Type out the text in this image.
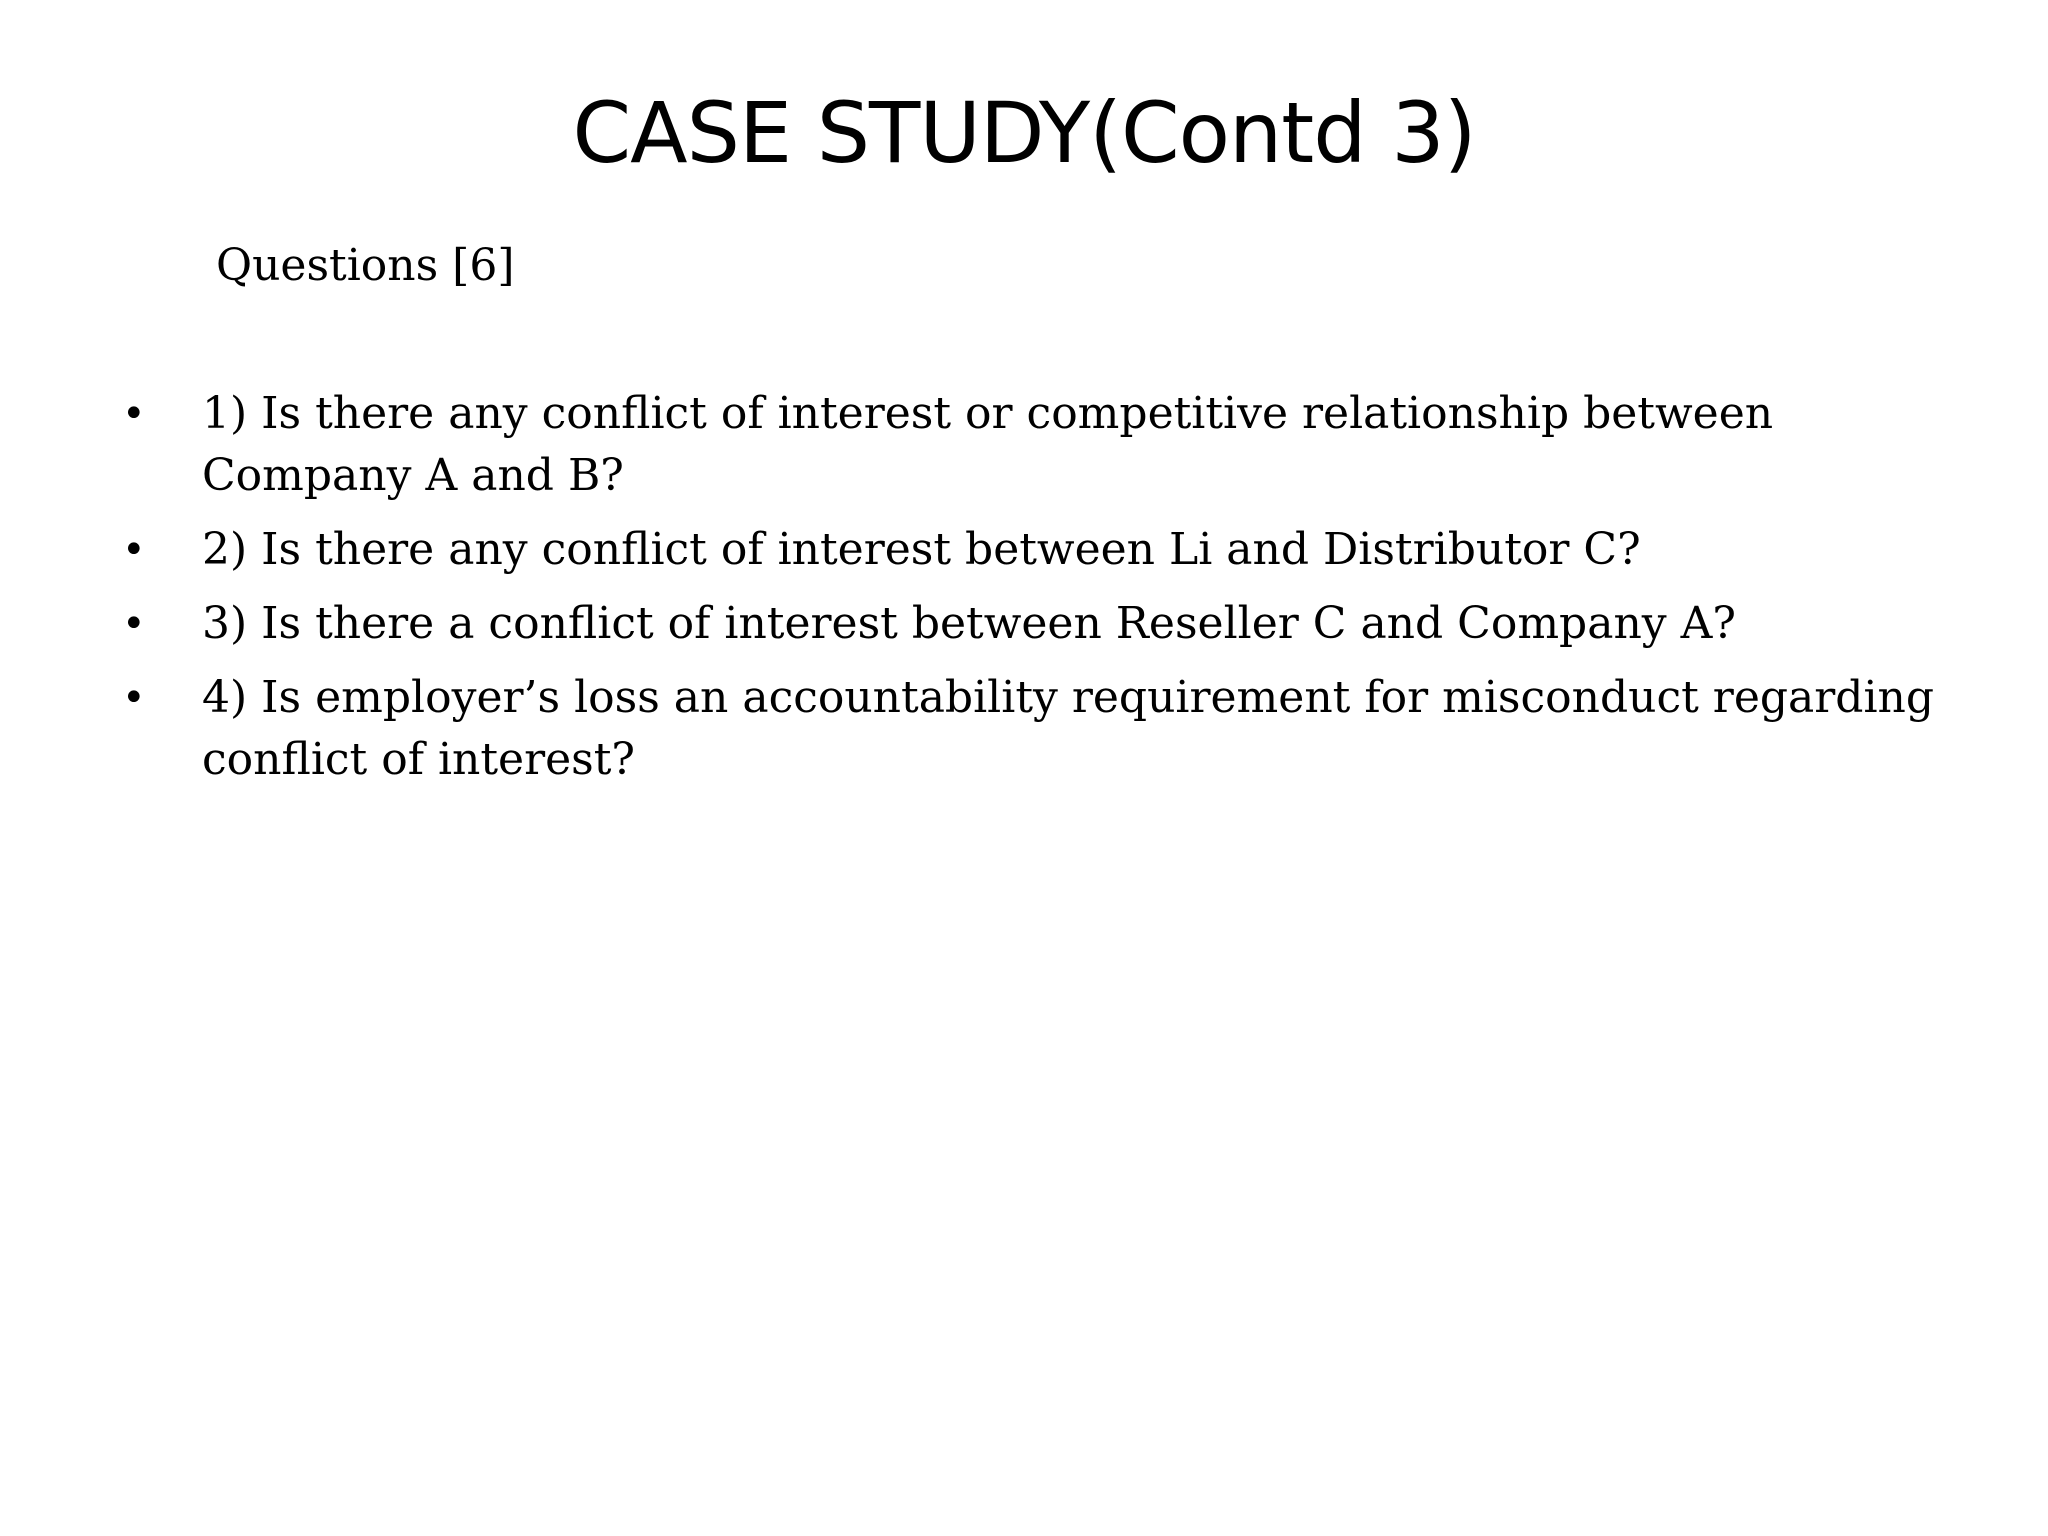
CASE STUDY(Contd 3)

Questions [6]

• 1) Is there any conflict of interest or competitive relationship between Company A and B?
• 2) Is there any conflict of interest between Li and Distributor C?
• 3) Is there a conflict of interest between Reseller C and Company A?
• 4) Is employer’s loss an accountability requirement for misconduct regarding conflict of interest?
